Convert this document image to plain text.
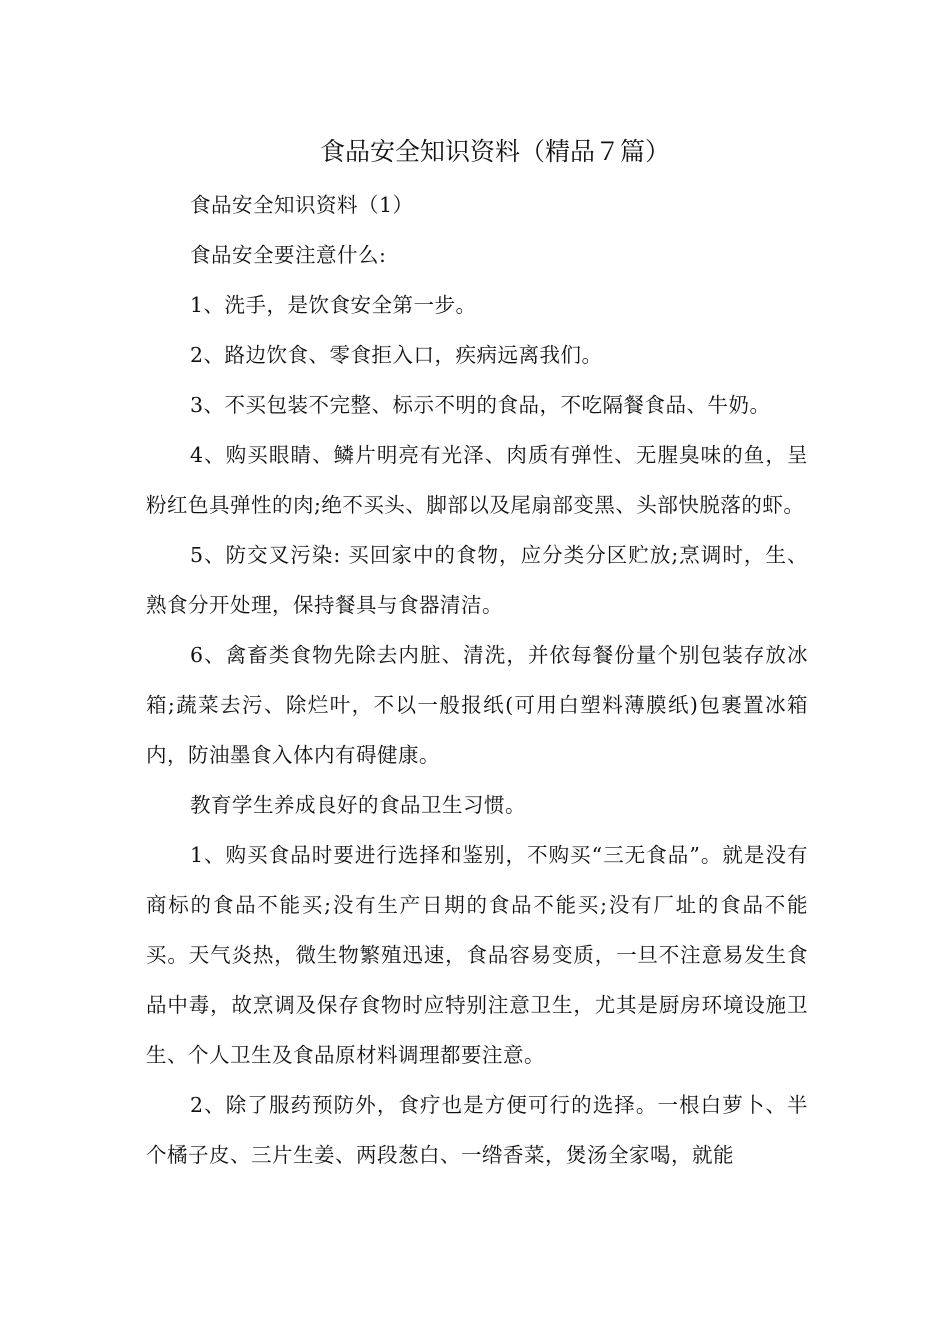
食品安全知识资料（精品７篇）

食品安全知识资料（1）

食品安全要注意什么:

1、洗手，是饮食安全第一步。

2、路边饮食、零食拒入口，疾病远离我们。

3、不买包装不完整、标示不明的食品，不吃隔餐食品、牛奶。

4、购买眼睛、鳞片明亮有光泽、肉质有弹性、无腥臭味的鱼，呈粉红色具弹性的肉;绝不买头、脚部以及尾扇部变黑、头部快脱落的虾。

5、防交叉污染: 买回家中的食物，应分类分区贮放;烹调时，生、熟食分开处理，保持餐具与食器清洁。

6、禽畜类食物先除去内脏、清洗，并依每餐份量个别包装存放冰箱;蔬菜去污、除烂叶，不以一般报纸(可用白塑料薄膜纸)包裹置冰箱内，防油墨食入体内有碍健康。

教育学生养成良好的食品卫生习惯。

1、购买食品时要进行选择和鉴别，不购买“三无食品”。就是没有商标的食品不能买;没有生产日期的食品不能买;没有厂址的食品不能买。天气炎热，微生物繁殖迅速，食品容易变质，一旦不注意易发生食品中毒，故烹调及保存食物时应特别注意卫生，尤其是厨房环境设施卫生、个人卫生及食品原材料调理都要注意。

2、除了服药预防外，食疗也是方便可行的选择。一根白萝卜、半个橘子皮、三片生姜、两段葱白、一绺香菜，煲汤全家喝，就能
